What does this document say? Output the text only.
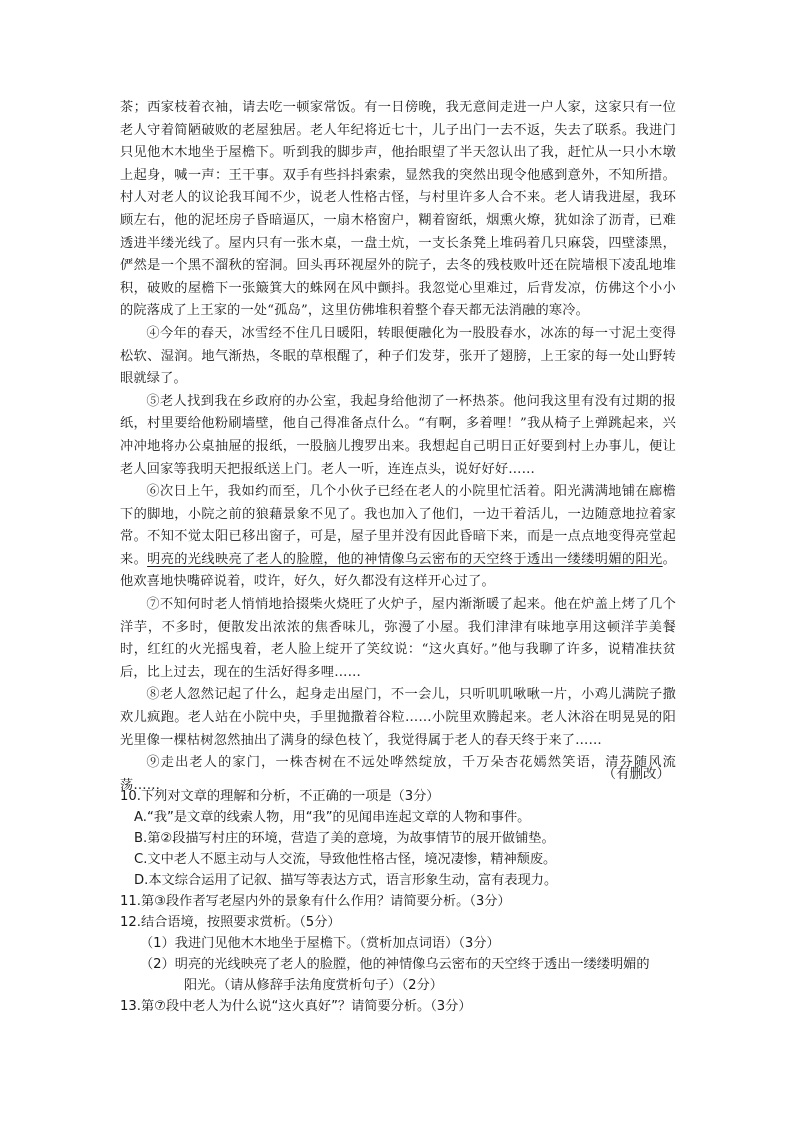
茶；西家枝着衣袖，请去吃一顿家常饭。有一日傍晚，我无意间走进一户人家，这家只有一位老人守着简陋破败的老屋独居。老人年纪将近七十，儿子出门一去不返，失去了联系。我进门只见他木木地坐于屋檐下。听到我的脚步声，他抬眼望了半天忽认出了我，赶忙从一只小木墩上起身，喊一声：王干事。双手有些抖抖索索，显然我的突然出现令他感到意外，不知所措。村人对老人的议论我耳闻不少，说老人性格古怪，与村里许多人合不来。老人请我进屋，我环顾左右，他的泥坯房子昏暗逼仄，一扇木格窗户，糊着窗纸，烟熏火燎，犹如涂了沥青，已难透进半缕光线了。屋内只有一张木桌，一盘土炕，一支长条凳上堆码着几只麻袋，四壁漆黑，俨然是一个黑不溜秋的窑洞。回头再环视屋外的院子，去冬的残枝败叶还在院墙根下凌乱地堆积，破败的屋檐下一张簸箕大的蛛网在风中颤抖。我忽觉心里难过，后背发凉，仿佛这个小小的院落成了上王家的一处“孤岛”，这里仿佛堆积着整个春天都无法消融的寒冷。

④今年的春天，冰雪经不住几日暖阳，转眼便融化为一股股春水，冰冻的每一寸泥土变得松软、湿润。地气渐热，冬眠的草根醒了，种子们发芽，张开了翅膀，上王家的每一处山野转眼就绿了。

⑤老人找到我在乡政府的办公室，我起身给他沏了一杯热茶。他问我这里有没有过期的报纸，村里要给他粉刷墙壁，他自己得准备点什么。“有啊，多着哩！”我从椅子上弹跳起来，兴冲冲地将办公桌抽屉的报纸，一股脑儿搜罗出来。我想起自己明日正好要到村上办事儿，便让老人回家等我明天把报纸送上门。老人一听，连连点头，说好好好……

⑥次日上午，我如约而至，几个小伙子已经在老人的小院里忙活着。阳光满满地铺在廊檐下的脚地，小院之前的狼藉景象不见了。我也加入了他们，一边干着活儿，一边随意地拉着家常。不知不觉太阳已移出窗子，可是，屋子里并没有因此昏暗下来，而是一点点地变得亮堂起来。明亮的光线映亮了老人的脸膛，他的神情像乌云密布的天空终于透出一缕缕明媚的阳光。他欢喜地快嘴碎说着，哎许，好久，好久都没有这样开心过了。

⑦不知何时老人悄悄地拾掇柴火烧旺了火炉子，屋内渐渐暖了起来。他在炉盖上烤了几个洋芋，不多时，便散发出浓浓的焦香味儿，弥漫了小屋。我们津津有味地享用这顿洋芋美餐时，红红的火光摇曳着，老人脸上绽开了笑纹说：“这火真好。”他与我聊了许多，说精准扶贫后，比上过去，现在的生活好得多哩……

⑧老人忽然记起了什么，起身走出屋门，不一会儿，只听叽叽啾啾一片，小鸡儿满院子撒欢儿疯跑。老人站在小院中央，手里抛撒着谷粒……小院里欢腾起来。老人沐浴在明晃晃的阳光里像一棵枯树忽然抽出了满身的绿色枝丫，我觉得属于老人的春天终于来了……

⑨走出老人的家门，一株杏树在不远处哗然绽放，千万朵杏花嫣然笑语，清芬随风流荡……

（有删改）
10.下列对文章的理解和分析，不正确的一项是（3分）
A.“我”是文章的线索人物，用“我”的见闻串连起文章的人物和事件。
B.第②段描写村庄的环境，营造了美的意境，为故事情节的展开做铺垫。
C.文中老人不愿主动与人交流，导致他性格古怪，境况凄惨，精神颓废。
D.本文综合运用了记叙、描写等表达方式，语言形象生动，富有表现力。
11.第③段作者写老屋内外的景象有什么作用？请简要分析。（3分）
12.结合语境，按照要求赏析。（5分）
（1）我进门见他木木地坐于屋檐下。（赏析加点词语）（3分）
（2）明亮的光线映亮了老人的脸膛，他的神情像乌云密布的天空终于透出一缕缕明媚的
阳光。（请从修辞手法角度赏析句子）（2分）
13.第⑦段中老人为什么说“这火真好”？请简要分析。（3分）
